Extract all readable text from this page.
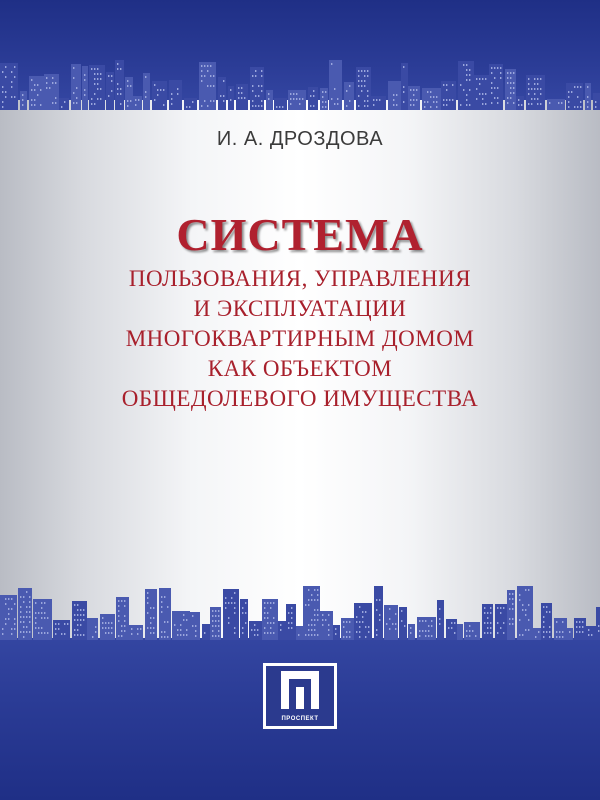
И. А. ДРОЗДОВА
СИСТЕМА
ПОЛЬЗОВАНИЯ, УПРАВЛЕНИЯ
И ЭКСПЛУАТАЦИИ
МНОГОКВАРТИРНЫМ ДОМОМ
КАК ОБЪЕКТОМ
ОБЩЕДОЛЕВОГО ИМУЩЕСТВА
ПРОСПЕКТ
